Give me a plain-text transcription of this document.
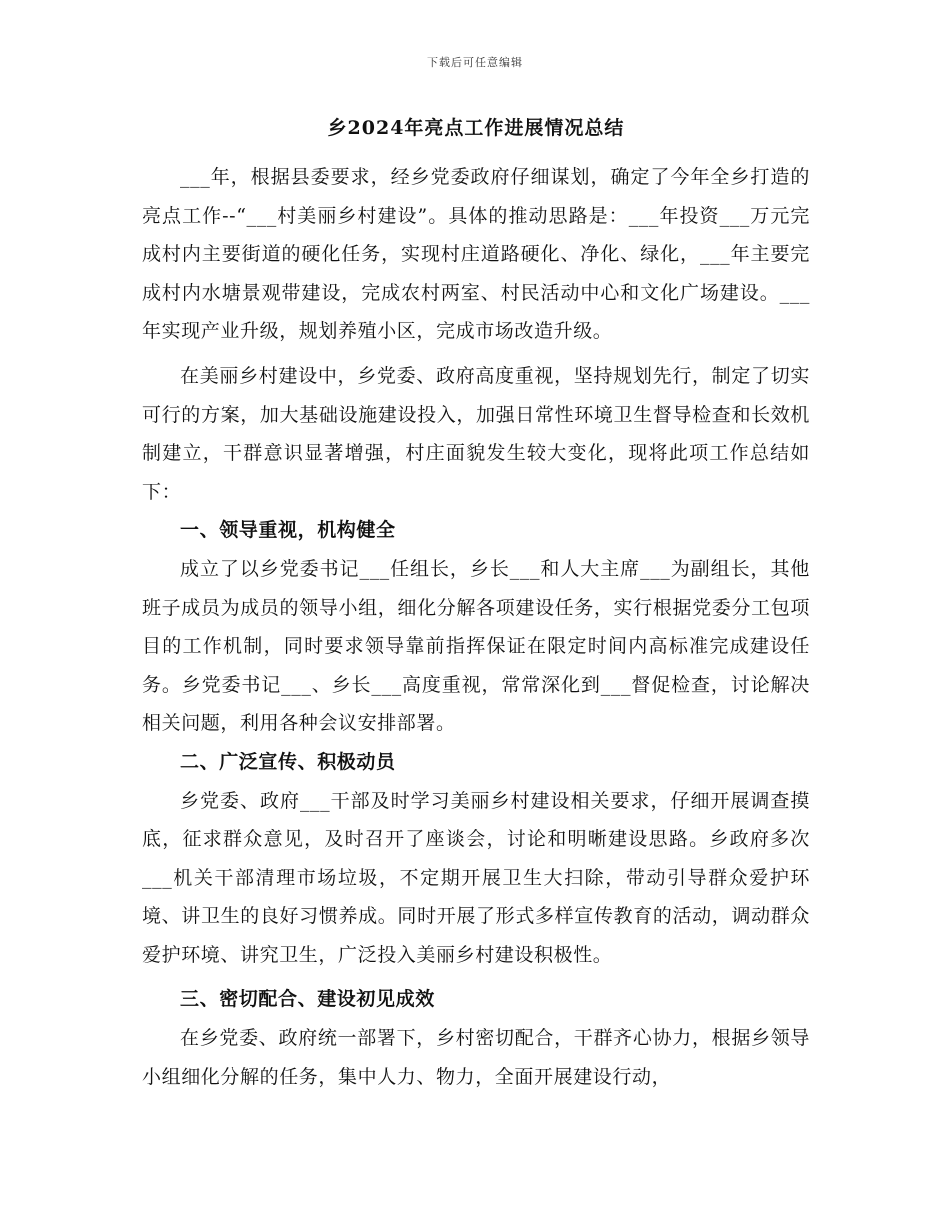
下载后可任意编辑
乡2024年亮点工作进展情况总结

___年，根据县委要求，经乡党委政府仔细谋划，确定了今年全乡打造的亮点工作--“___村美丽乡村建设”。具体的推动思路是：___年投资___万元完成村内主要街道的硬化任务，实现村庄道路硬化、净化、绿化，___年主要完成村内水塘景观带建设，完成农村两室、村民活动中心和文化广场建设。___年实现产业升级，规划养殖小区，完成市场改造升级。

在美丽乡村建设中，乡党委、政府高度重视，坚持规划先行，制定了切实可行的方案，加大基础设施建设投入，加强日常性环境卫生督导检查和长效机制建立，干群意识显著增强，村庄面貌发生较大变化，现将此项工作总结如下：

一、领导重视，机构健全

成立了以乡党委书记___任组长，乡长___和人大主席___为副组长，其他班子成员为成员的领导小组，细化分解各项建设任务，实行根据党委分工包项目的工作机制，同时要求领导靠前指挥保证在限定时间内高标准完成建设任务。乡党委书记___、乡长___高度重视，常常深化到___督促检查，讨论解决相关问题，利用各种会议安排部署。

二、广泛宣传、积极动员

乡党委、政府___干部及时学习美丽乡村建设相关要求，仔细开展调查摸底，征求群众意见，及时召开了座谈会，讨论和明晰建设思路。乡政府多次___机关干部清理市场垃圾，不定期开展卫生大扫除，带动引导群众爱护环境、讲卫生的良好习惯养成。同时开展了形式多样宣传教育的活动，调动群众爱护环境、讲究卫生，广泛投入美丽乡村建设积极性。

三、密切配合、建设初见成效

在乡党委、政府统一部署下，乡村密切配合，干群齐心协力，根据乡领导小组细化分解的任务，集中人力、物力，全面开展建设行动，
